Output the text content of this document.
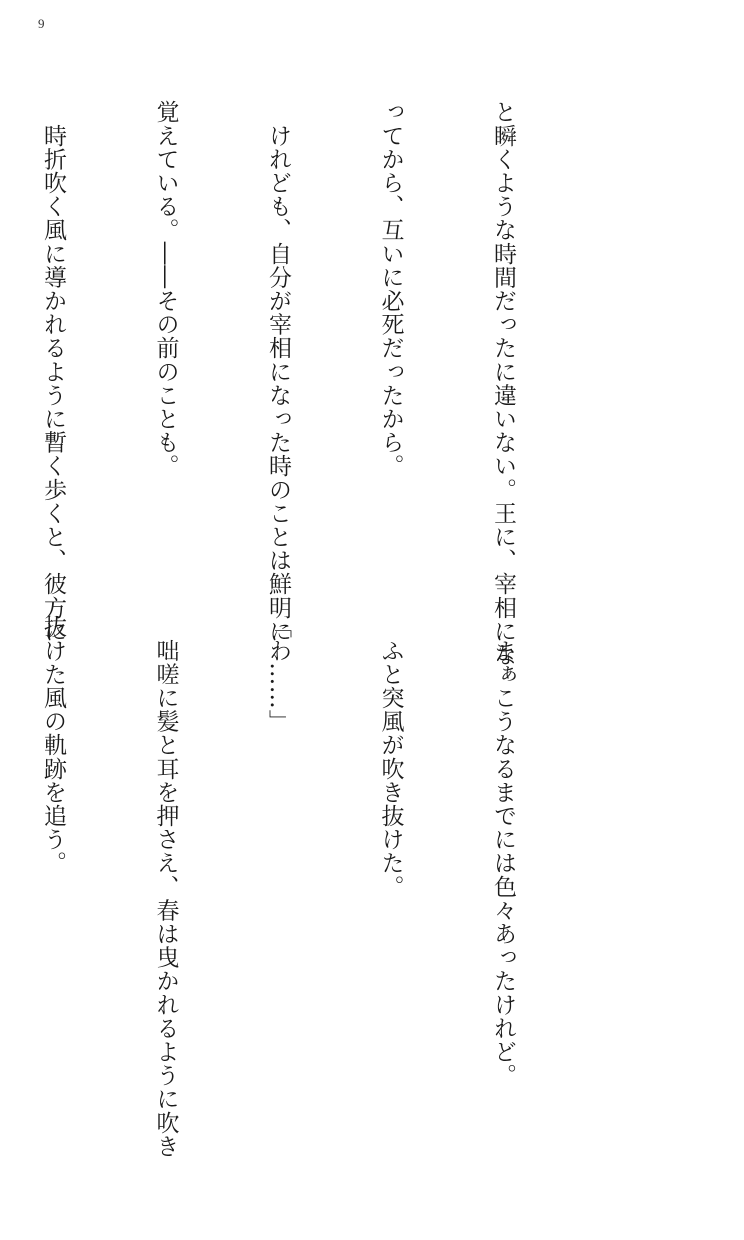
9

と瞬くような時間だったに違いない。王に、宰相にな

ってから、互いに必死だったから。

　けれども、自分が宰相になった時のことは鮮明に

覚えている。――その前のことも。

　時折吹く風に導かれるように暫く歩くと、彼方に

　まぁこうなるまでには色々あったけれど。

　ふと突風が吹き抜けた。

「わ……」

　咄嗟に髪と耳を押さえ、春は曳かれるように吹き

抜けた風の軌跡を追う。
